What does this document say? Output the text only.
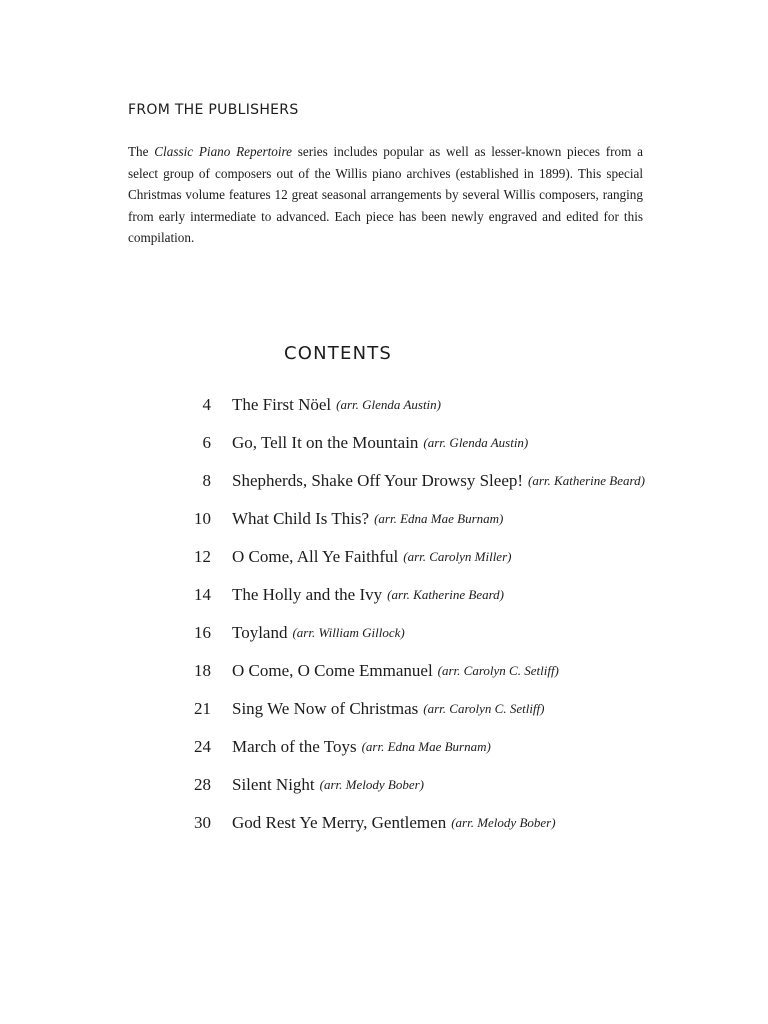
FROM THE PUBLISHERS

The Classic Piano Repertoire series includes popular as well as lesser-known pieces from a select group of composers out of the Willis piano archives (established in 1899). This special Christmas volume features 12 great seasonal arrangements by several Willis composers, ranging from early intermediate to advanced. Each piece has been newly engraved and edited for this compilation.

CONTENTS
4 The First Nöel (arr. Glenda Austin)
6 Go, Tell It on the Mountain (arr. Glenda Austin)
8 Shepherds, Shake Off Your Drowsy Sleep! (arr. Katherine Beard)
10 What Child Is This? (arr. Edna Mae Burnam)
12 O Come, All Ye Faithful (arr. Carolyn Miller)
14 The Holly and the Ivy (arr. Katherine Beard)
16 Toyland (arr. William Gillock)
18 O Come, O Come Emmanuel (arr. Carolyn C. Setliff)
21 Sing We Now of Christmas (arr. Carolyn C. Setliff)
24 March of the Toys (arr. Edna Mae Burnam)
28 Silent Night (arr. Melody Bober)
30 God Rest Ye Merry, Gentlemen (arr. Melody Bober)
